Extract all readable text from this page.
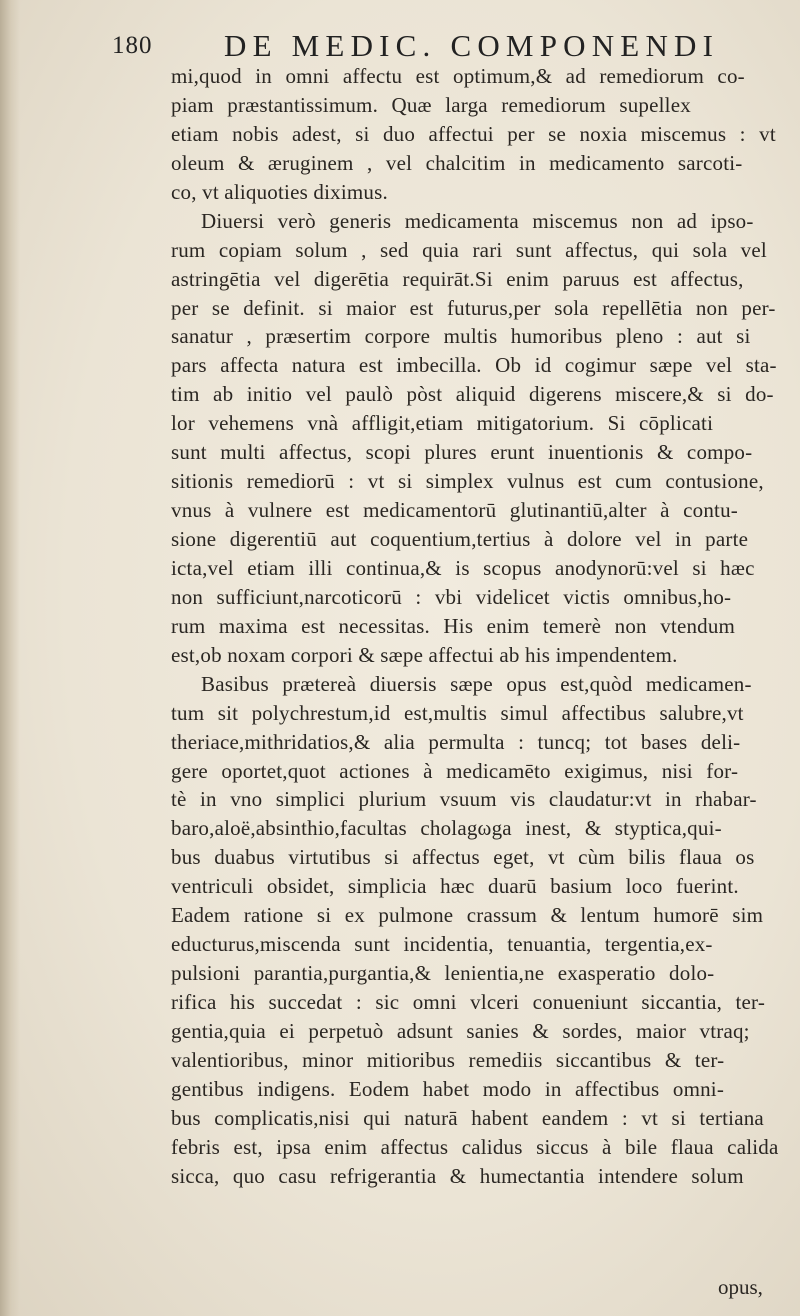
180 DE MEDIC. COMPONENDI
mi,quod in omni affectu est optimum,& ad remediorum co-
piam præstantissimum. Quæ larga remediorum supellex
etiam nobis adest, si duo affectui per se noxia miscemus : vt
oleum & æruginem , vel chalcitim in medicamento sarcoti-
co, vt aliquoties diximus.
Diuersi verò generis medicamenta miscemus non ad ipso-
rum copiam solum , sed quia rari sunt affectus, qui sola vel
astringētia vel digerētia requirāt.Si enim paruus est affectus,
per se definit. si maior est futurus,per sola repellētia non per-
sanatur , præsertim corpore multis humoribus pleno : aut si
pars affecta natura est imbecilla. Ob id cogimur sæpe vel sta-
tim ab initio vel paulò pòst aliquid digerens miscere,& si do-
lor vehemens vnà affligit,etiam mitigatorium. Si cōplicati
sunt multi affectus, scopi plures erunt inuentionis & compo-
sitionis remediorū : vt si simplex vulnus est cum contusione,
vnus à vulnere est medicamentorū glutinantiū,alter à contu-
sione digerentiū aut coquentium,tertius à dolore vel in parte
icta,vel etiam illi continua,& is scopus anodynorū:vel si hæc
non sufficiunt,narcoticorū : vbi videlicet victis omnibus,ho-
rum maxima est necessitas. His enim temerè non vtendum
est,ob noxam corpori & sæpe affectui ab his impendentem.
Basibus prætereà diuersis sæpe opus est,quòd medicamen-
tum sit polychrestum,id est,multis simul affectibus salubre,vt
theriace,mithridatios,& alia permulta : tuncq; tot bases deli-
gere oportet,quot actiones à medicamēto exigimus, nisi for-
tè in vno simplici plurium vsuum vis claudatur:vt in rhabar-
baro,aloë,absinthio,facultas cholagωga inest, & styptica,qui-
bus duabus virtutibus si affectus eget, vt cùm bilis flaua os
ventriculi obsidet, simplicia hæc duarū basium loco fuerint.
Eadem ratione si ex pulmone crassum & lentum humorē sim
educturus,miscenda sunt incidentia, tenuantia, tergentia,ex-
pulsioni parantia,purgantia,& lenientia,ne exasperatio dolo-
rifica his succedat : sic omni vlceri conueniunt siccantia, ter-
gentia,quia ei perpetuò adsunt sanies & sordes, maior vtraq;
valentioribus, minor mitioribus remediis siccantibus & ter-
gentibus indigens. Eodem habet modo in affectibus omni-
bus complicatis,nisi qui naturā habent eandem : vt si tertiana
febris est, ipsa enim affectus calidus siccus à bile flaua calida
sicca, quo casu refrigerantia & humectantia intendere solum
opus,
